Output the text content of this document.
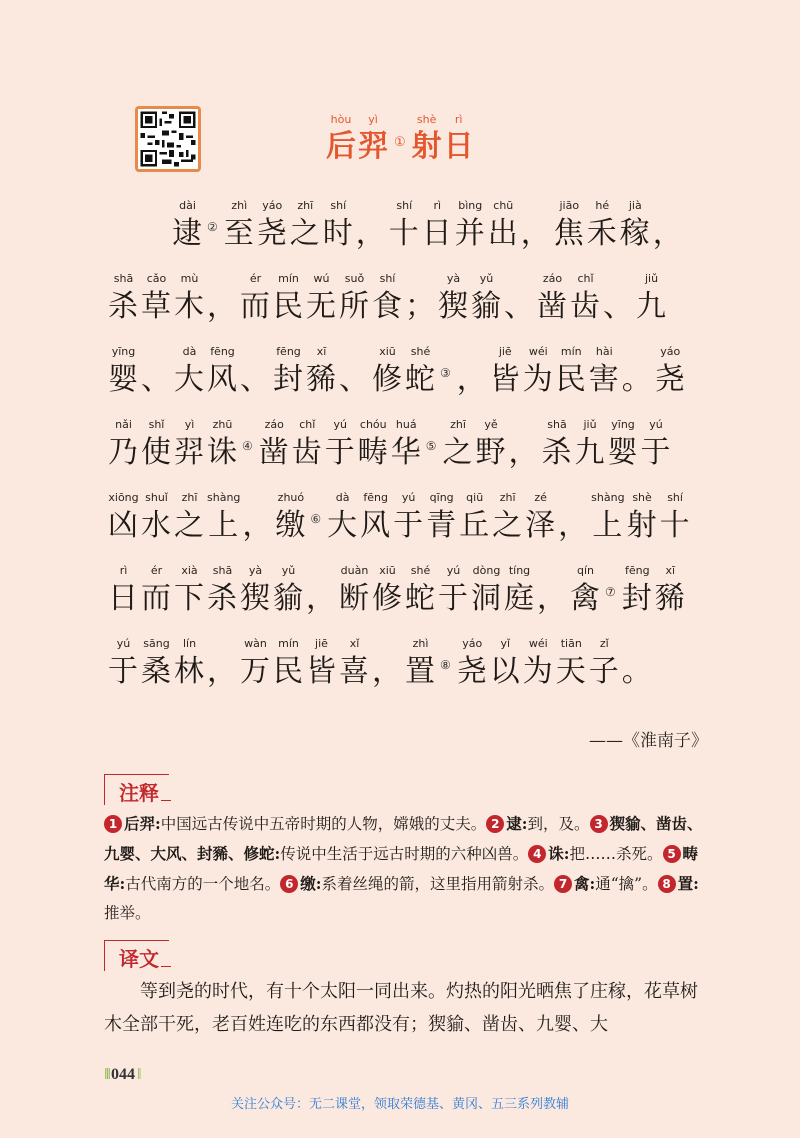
hòu
后
yì
羿 ①
shè
射
rì
日
dài
逮 ②
zhì
至
yáo
尧
zhī
之
shí
时 ，
shí
十
rì
日
bìng
并
chū
出 ，
jiāo
焦
hé
禾
jià
稼 ，
shā
杀
cǎo
草
mù
木 ，
ér
而
mín
民
wú
无
suǒ
所
shí
食 ；
yà
猰
yǔ
貐 、
záo
凿
chǐ
齿 、
jiǔ
九
yīng
婴 、
dà
大
fēng
风 、
fēng
封
xī
豨 、
xiū
修
shé
蛇 ③ ，
jiē
皆
wéi
为
mín
民
hài
害 。
yáo
尧
nǎi
乃
shǐ
使
yì
羿
zhū
诛 ④
záo
凿
chǐ
齿
yú
于
chóu
畴
huá
华 ⑤
zhī
之
yě
野 ，
shā
杀
jiǔ
九
yīng
婴
yú
于
xiōng
凶
shuǐ
水
zhī
之
shàng
上 ，
zhuó
缴 ⑥
dà
大
fēng
风
yú
于
qīng
青
qiū
丘
zhī
之
zé
泽 ，
shàng
上
shè
射
shí
十
rì
日
ér
而
xià
下
shā
杀
yà
猰
yǔ
貐 ，
duàn
断
xiū
修
shé
蛇
yú
于
dòng
洞
tíng
庭 ，
qín
禽 ⑦
fēng
封
xī
豨
yú
于
sāng
桑
lín
林 ，
wàn
万
mín
民
jiē
皆
xǐ
喜 ，
zhì
置 ⑧
yáo
尧
yǐ
以
wéi
为
tiān
天
zǐ
子 。
——《淮南子》
注释
1 后羿:中国远古传说中五帝时期的人物，嫦娥的丈夫。 2 逮:到，及。 3 猰貐、凿齿、九婴、大风、封豨、修蛇:传说中生活于远古时期的六种凶兽。 4 诛:把……杀死。 5 畴华:古代南方的一个地名。 6 缴:系着丝绳的箭，这里指用箭射杀。 7 禽:通“擒”。 8 置:推举。
译文
等到尧的时代，有十个太阳一同出来。灼热的阳光晒焦了庄稼，花草树木全部干死，老百姓连吃的东西都没有；猰貐、凿齿、九婴、大
‖‖ 044 ‖
关注公众号：无二课堂，领取荣德基、黄冈、五三系列教辅
